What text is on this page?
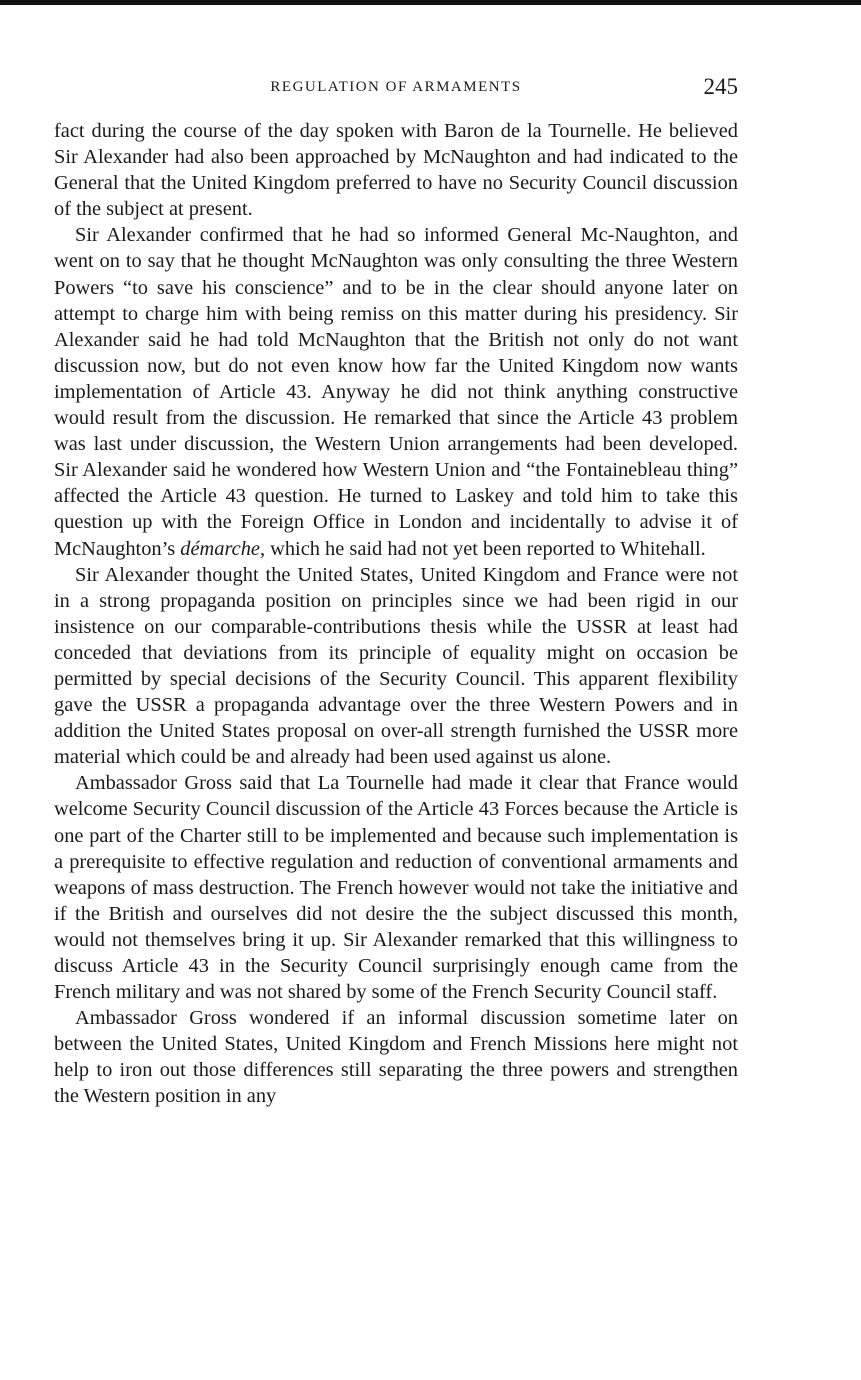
REGULATION OF ARMAMENTS	245

fact during the course of the day spoken with Baron de la Tournelle. He believed Sir Alexander had also been approached by McNaughton and had indicated to the General that the United Kingdom preferred to have no Security Council discussion of the subject at present.

Sir Alexander confirmed that he had so informed General Mc-Naughton, and went on to say that he thought McNaughton was only consulting the three Western Powers “to save his conscience” and to be in the clear should anyone later on attempt to charge him with being remiss on this matter during his presidency. Sir Alexander said he had told McNaughton that the British not only do not want discussion now, but do not even know how far the United Kingdom now wants implementation of Article 43. Anyway he did not think anything constructive would result from the discussion. He remarked that since the Article 43 problem was last under discussion, the Western Union arrangements had been developed. Sir Alexander said he wondered how Western Union and “the Fontainebleau thing” affected the Article 43 question. He turned to Laskey and told him to take this question up with the Foreign Office in London and incidentally to advise it of McNaughton’s démarche, which he said had not yet been reported to Whitehall.

Sir Alexander thought the United States, United Kingdom and France were not in a strong propaganda position on principles since we had been rigid in our insistence on our comparable-contributions thesis while the USSR at least had conceded that deviations from its principle of equality might on occasion be permitted by special decisions of the Security Council. This apparent flexibility gave the USSR a propaganda advantage over the three Western Powers and in addition the United States proposal on over-all strength furnished the USSR more material which could be and already had been used against us alone.

Ambassador Gross said that La Tournelle had made it clear that France would welcome Security Council discussion of the Article 43 Forces because the Article is one part of the Charter still to be implemented and because such implementation is a prerequisite to effective regulation and reduction of conventional armaments and weapons of mass destruction. The French however would not take the initiative and if the British and ourselves did not desire the the subject discussed this month, would not themselves bring it up. Sir Alexander remarked that this willingness to discuss Article 43 in the Security Council surprisingly enough came from the French military and was not shared by some of the French Security Council staff.

Ambassador Gross wondered if an informal discussion sometime later on between the United States, United Kingdom and French Missions here might not help to iron out those differences still separating the three powers and strengthen the Western position in any
